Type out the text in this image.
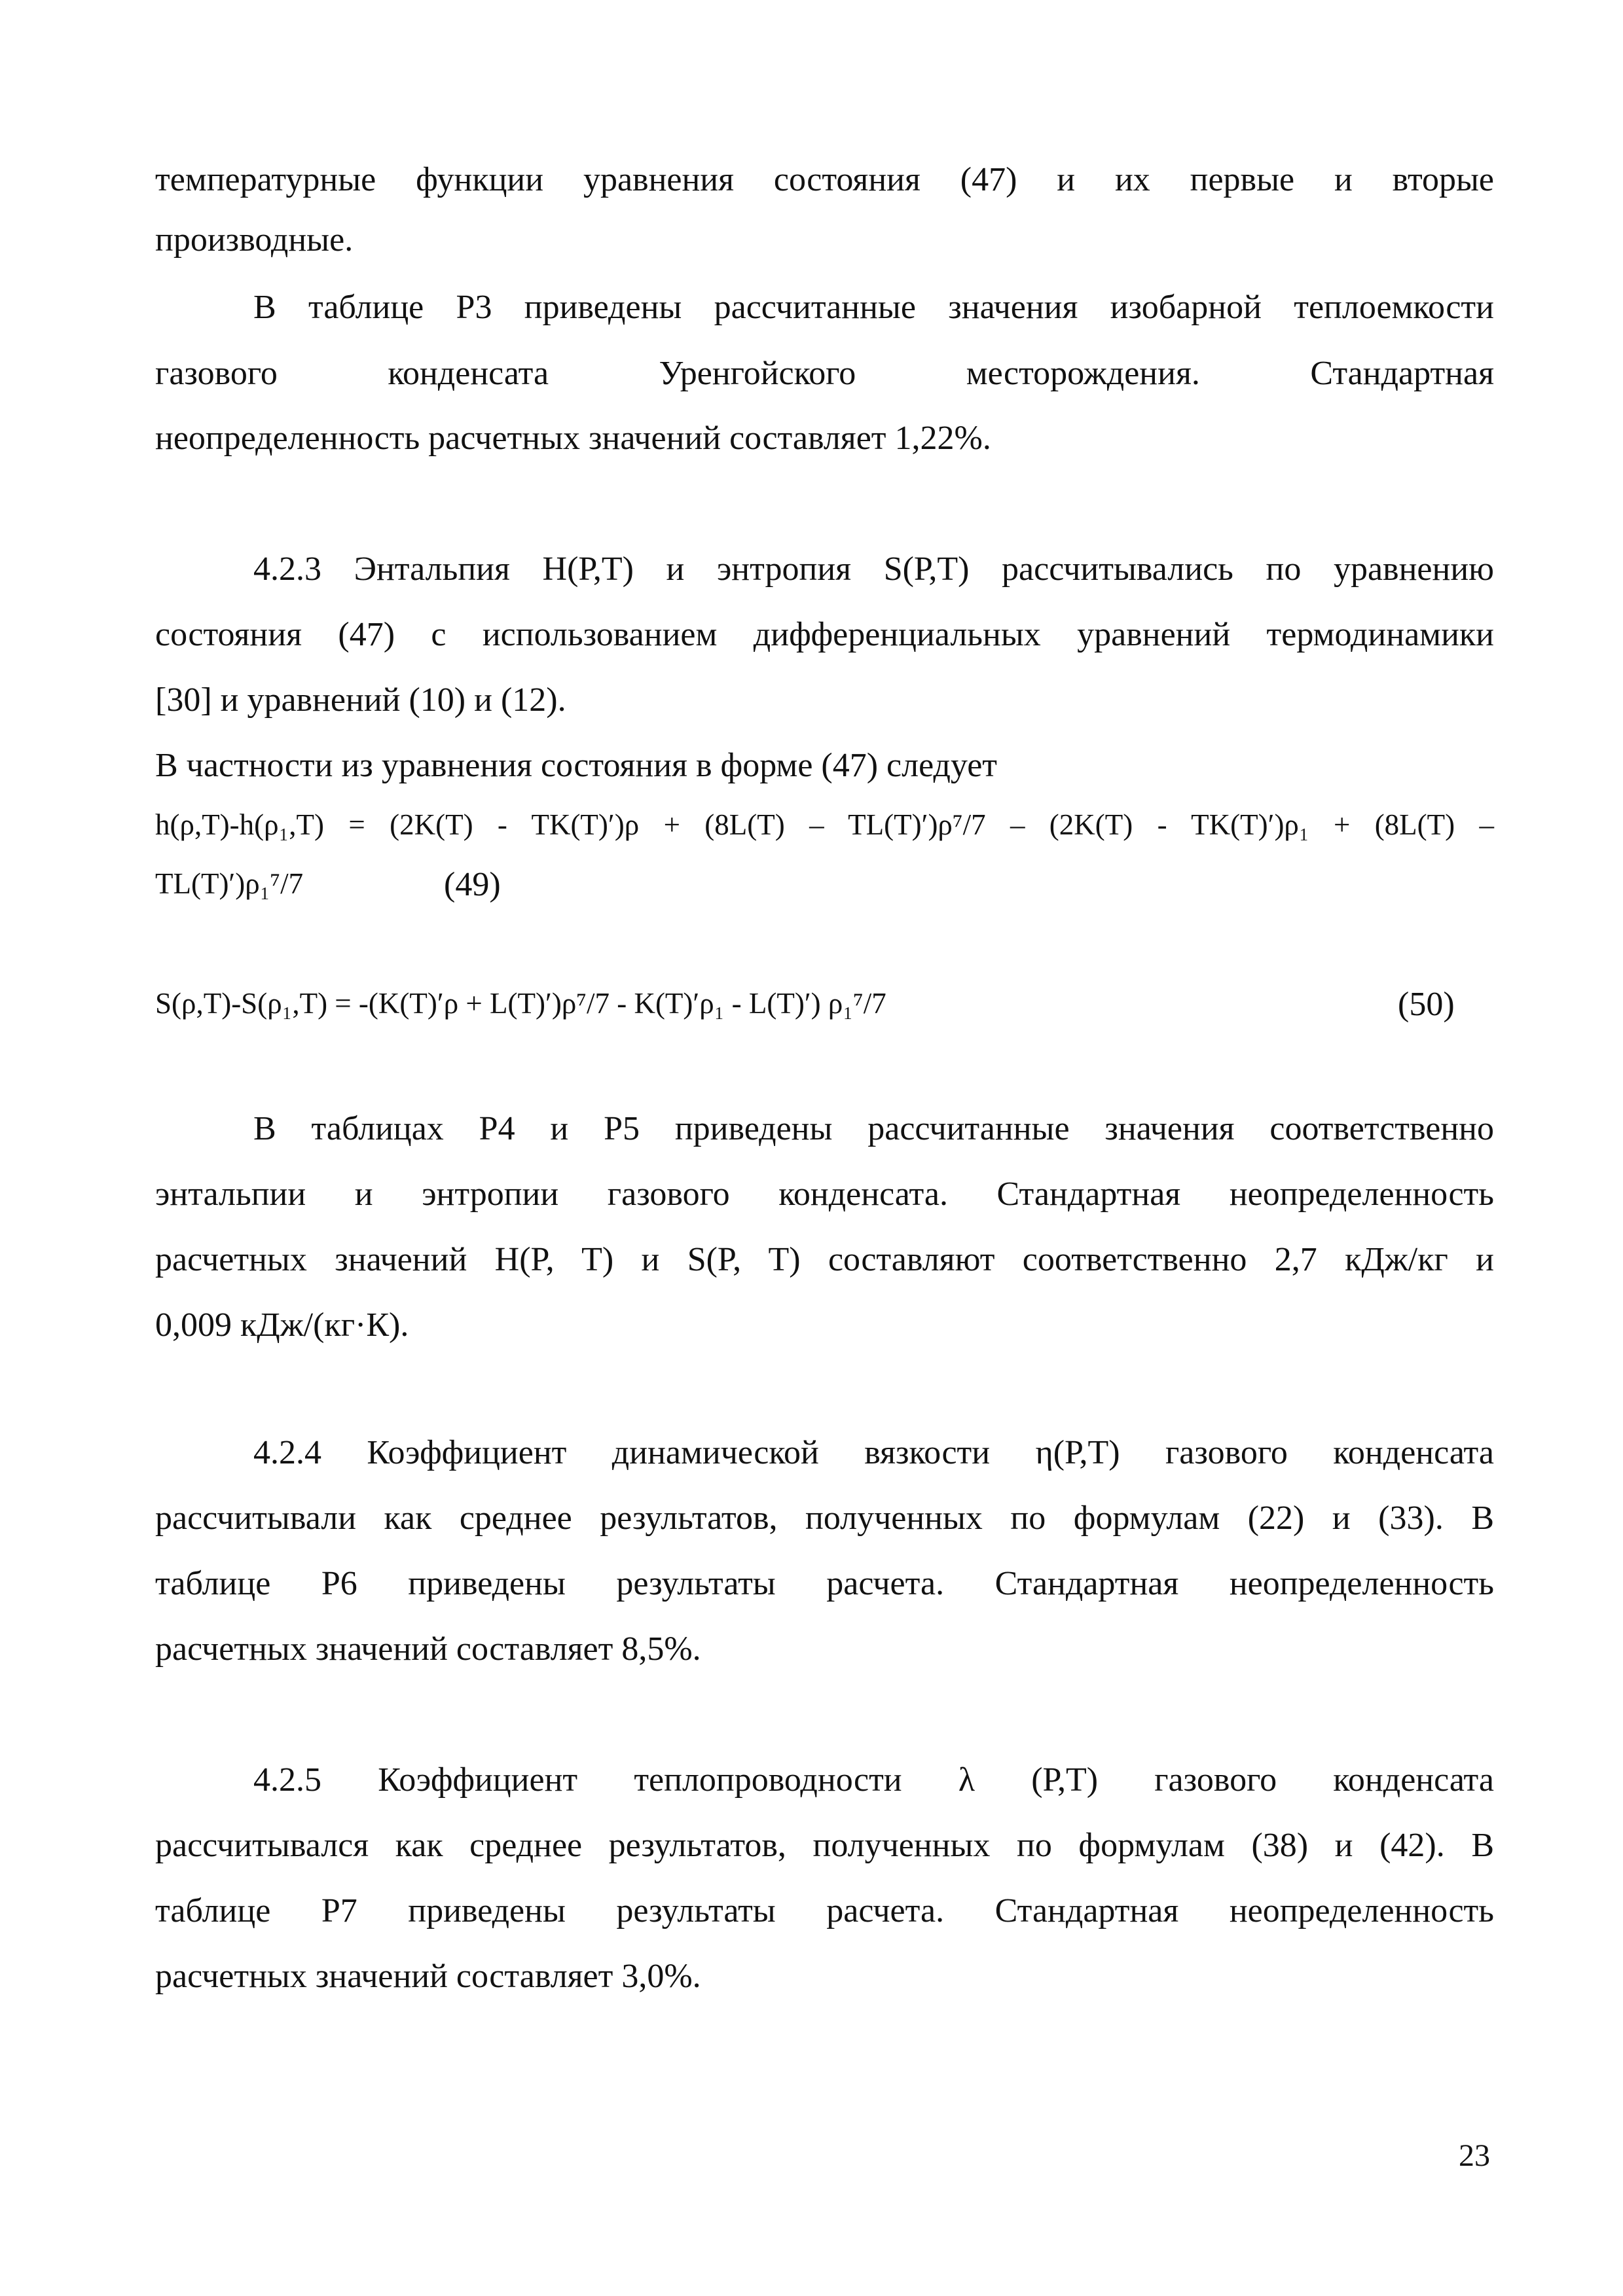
температурные функции уравнения состояния (47) и их первые и вторые
производные.
В таблице Р3 приведены рассчитанные значения изобарной теплоемкости
газового конденсата Уренгойского месторождения. Стандартная
неопределенность расчетных значений составляет 1,22%.
4.2.3 Энтальпия Н(Р,Т) и энтропия S(Р,Т) рассчитывались по уравнению
состояния (47) с использованием дифференциальных уравнений термодинамики
[30] и уравнений (10) и (12).
В частности из уравнения состояния в форме (47) следует
h(ρ,T)-h(ρ₁,T) = (2K(T) - TK(T)′)ρ + (8L(T) – TL(T)′)ρ⁷/7 – (2K(T) - TK(T)′)ρ₁ + (8L(T) –
TL(T)′)ρ₁⁷/7	(49)
S(ρ,T)-S(ρ₁,T) = -(K(T)′ρ + L(T)′)ρ⁷/7 - K(T)′ρ₁ - L(T)′) ρ₁⁷/7	(50)
В таблицах Р4 и Р5 приведены рассчитанные значения соответственно
энтальпии и энтропии газового конденсата. Стандартная неопределенность
расчетных значений H(P, T) и S(P, T) составляют соответственно 2,7 кДж/кг и
0,009 кДж/(кг·К).
4.2.4 Коэффициент динамической вязкости η(Р,Т) газового конденсата
рассчитывали как среднее результатов, полученных по формулам (22) и (33). В
таблице Р6 приведены результаты расчета. Стандартная неопределенность
расчетных значений составляет 8,5%.
4.2.5 Коэффициент теплопроводности λ (Р,Т) газового конденсата
рассчитывался как среднее результатов, полученных по формулам (38) и (42). В
таблице Р7 приведены результаты расчета. Стандартная неопределенность
расчетных значений составляет 3,0%.
23
